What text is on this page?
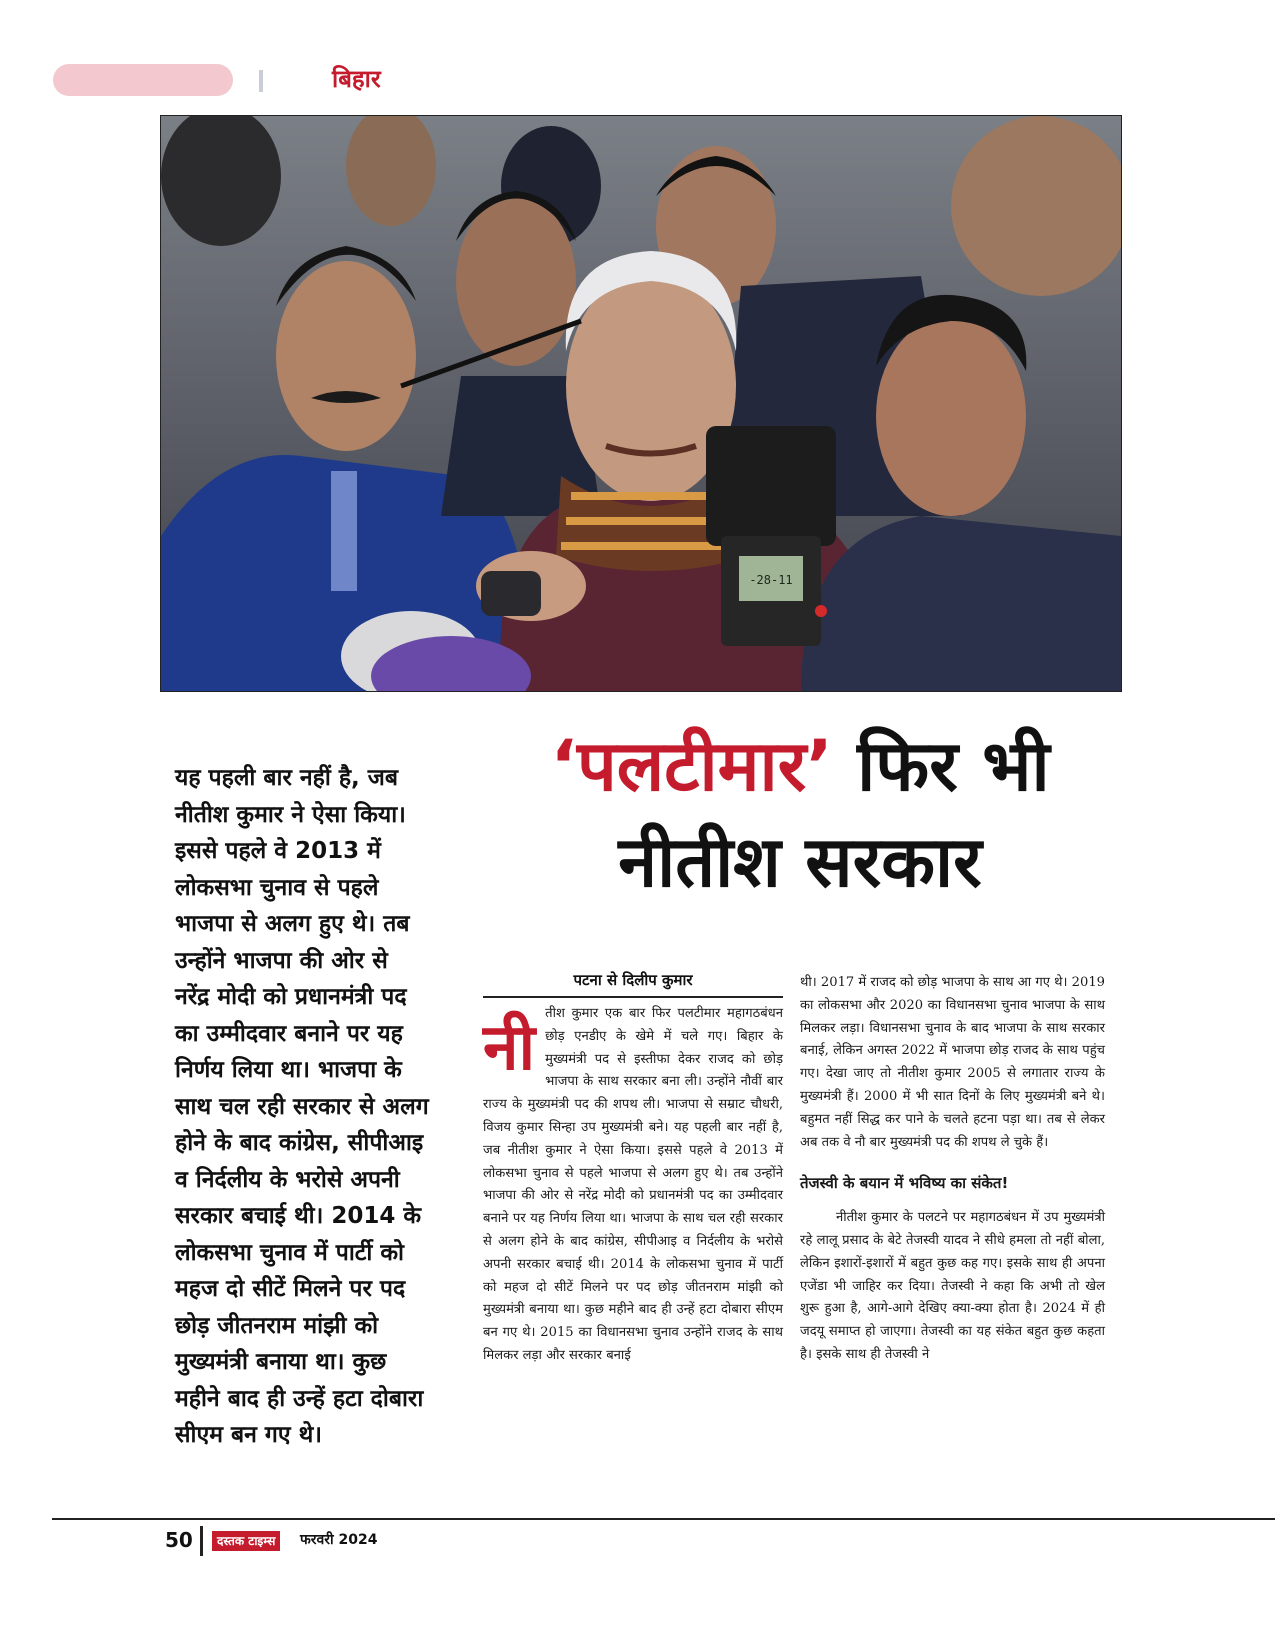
बिहार
-28-11
यह पहली बार नहीं है, जब नीतीश कुमार ने ऐसा किया। इससे पहले वे 2013 में लोकसभा चुनाव से पहले भाजपा से अलग हुए थे। तब उन्होंने भाजपा की ओर से नरेंद्र मोदी को प्रधानमंत्री पद का उम्मीदवार बनाने पर यह निर्णय लिया था। भाजपा के साथ चल रही सरकार से अलग होने के बाद कांग्रेस, सीपीआइ व निर्दलीय के भरोसे अपनी सरकार बचाई थी। 2014 के लोकसभा चुनाव में पार्टी को महज दो सीटें मिलने पर पद छोड़ जीतनराम मांझी को मुख्यमंत्री बनाया था। कुछ महीने बाद ही उन्हें हटा दोबारा सीएम बन गए थे।
‘पलटीमार’ फिर भी
नीतीश सरकार
पटना से दिलीप कुमार
नी तीश कुमार एक बार फिर पलटीमार महागठबंधन छोड़ एनडीए के खेमे में चले गए। बिहार के मुख्यमंत्री पद से इस्तीफा देकर राजद को छोड़ भाजपा के साथ सरकार बना ली। उन्होंने नौवीं बार राज्य के मुख्यमंत्री पद की शपथ ली। भाजपा से सम्राट चौधरी, विजय कुमार सिन्हा उप मुख्यमंत्री बने। यह पहली बार नहीं है, जब नीतीश कुमार ने ऐसा किया। इससे पहले वे 2013 में लोकसभा चुनाव से पहले भाजपा से अलग हुए थे। तब उन्होंने भाजपा की ओर से नरेंद्र मोदी को प्रधानमंत्री पद का उम्मीदवार बनाने पर यह निर्णय लिया था। भाजपा के साथ चल रही सरकार से अलग होने के बाद कांग्रेस, सीपीआइ व निर्दलीय के भरोसे अपनी सरकार बचाई थी। 2014 के लोकसभा चुनाव में पार्टी को महज दो सीटें मिलने पर पद छोड़ जीतनराम मांझी को मुख्यमंत्री बनाया था। कुछ महीने बाद ही उन्हें हटा दोबारा सीएम बन गए थे। 2015 का विधानसभा चुनाव उन्होंने राजद के साथ मिलकर लड़ा और सरकार बनाई

थी। 2017 में राजद को छोड़ भाजपा के साथ आ गए थे। 2019 का लोकसभा और 2020 का विधानसभा चुनाव भाजपा के साथ मिलकर लड़ा। विधानसभा चुनाव के बाद भाजपा के साथ सरकार बनाई, लेकिन अगस्त 2022 में भाजपा छोड़ राजद के साथ पहुंच गए। देखा जाए तो नीतीश कुमार 2005 से लगातार राज्य के मुख्यमंत्री हैं। 2000 में भी सात दिनों के लिए मुख्यमंत्री बने थे। बहुमत नहीं सिद्ध कर पाने के चलते हटना पड़ा था। तब से लेकर अब तक वे नौ बार मुख्यमंत्री पद की शपथ ले चुके हैं।

तेजस्वी के बयान में भविष्य का संकेत!

नीतीश कुमार के पलटने पर महागठबंधन में उप मुख्यमंत्री रहे लालू प्रसाद के बेटे तेजस्वी यादव ने सीधे हमला तो नहीं बोला, लेकिन इशारों-इशारों में बहुत कुछ कह गए। इसके साथ ही अपना एजेंडा भी जाहिर कर दिया। तेजस्वी ने कहा कि अभी तो खेल शुरू हुआ है, आगे-आगे देखिए क्या-क्या होता है। 2024 में ही जदयू समाप्त हो जाएगा। तेजस्वी का यह संकेत बहुत कुछ कहता है। इसके साथ ही तेजस्वी ने

50	दस्तक टाइम्स	फरवरी 2024
